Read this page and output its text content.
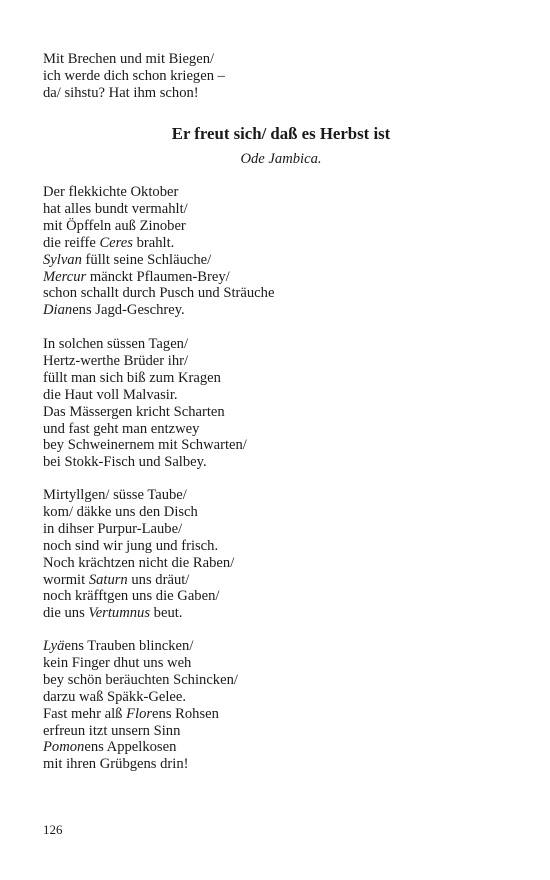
Mit Brechen und mit Biegen/
ich werde dich schon kriegen –
da/ sihstu? Hat ihm schon!
Er freut sich/ daß es Herbst ist
Ode Jambica.
Der flekkichte Oktober
hat alles bundt vermahlt/
mit Öpffeln auß Zinober
die reiffe Ceres brahlt.
Sylvan füllt seine Schläuche/
Mercur mänckt Pflaumen-Brey/
schon schallt durch Pusch und Sträuche
Dianens Jagd-Geschrey.
In solchen süssen Tagen/
Hertz-werthe Brüder ihr/
füllt man sich biß zum Kragen
die Haut voll Malvasir.
Das Mässergen kricht Scharten
und fast geht man entzwey
bey Schweinernem mit Schwarten/
bei Stokk-Fisch und Salbey.
Mirtyllgen/ süsse Taube/
kom/ däkke uns den Disch
in dihser Purpur-Laube/
noch sind wir jung und frisch.
Noch krächtzen nicht die Raben/
wormit Saturn uns dräut/
noch kräfftgen uns die Gaben/
die uns Vertumnus beut.
Lyäens Trauben blincken/
kein Finger dhut uns weh
bey schön beräuchten Schincken/
darzu waß Späkk-Gelee.
Fast mehr alß Florens Rohsen
erfreun itzt unsern Sinn
Pomonens Appelkosen
mit ihren Grübgens drin!
126
